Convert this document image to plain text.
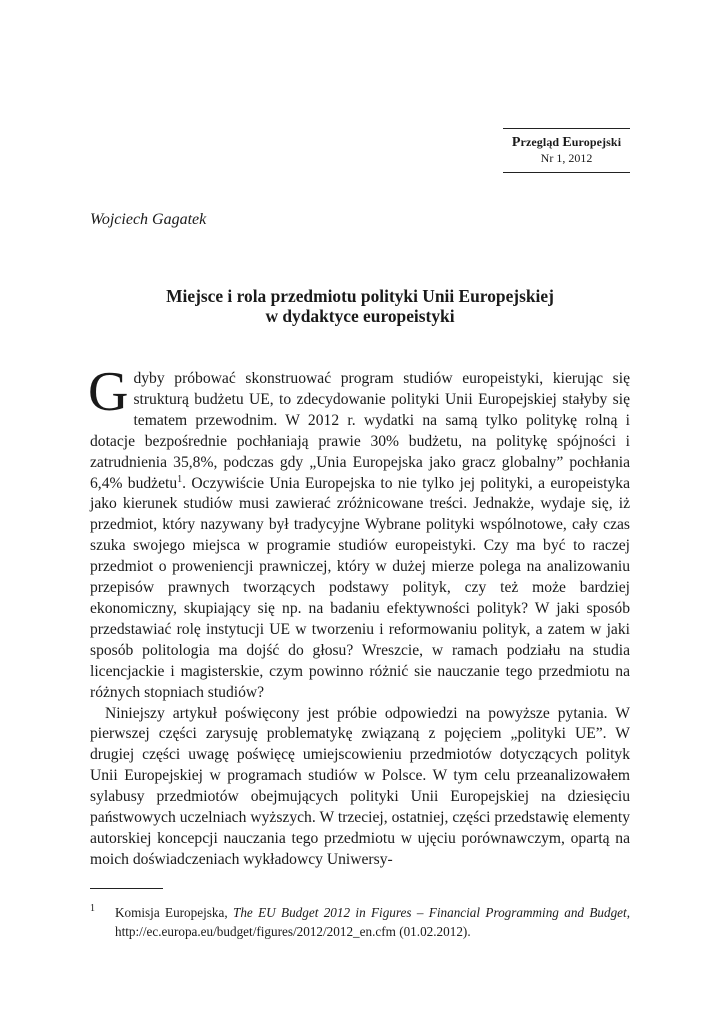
Przegląd Europejski
Nr 1, 2012
Wojciech Gagatek
Miejsce i rola przedmiotu polityki Unii Europejskiej
w dydaktyce europeistyki

Gdyby próbować skonstruować program studiów europeistyki, kierując się strukturą budżetu UE, to zdecydowanie polityki Unii Europejskiej stałyby się tematem przewodnim. W 2012 r. wydatki na samą tylko politykę rolną i dotacje bezpośrednie pochłaniają prawie 30% budżetu, na politykę spójności i zatrudnienia 35,8%, podczas gdy „Unia Europejska jako gracz globalny” pochłania 6,4% budżetu$^1$. Oczywiście Unia Europejska to nie tylko jej polityki, a europeistyka jako kierunek studiów musi zawierać zróżnicowane treści. Jednakże, wydaje się, iż przedmiot, który nazywany był tradycyjne Wybrane polityki wspólnotowe, cały czas szuka swojego miejsca w programie studiów europeistyki. Czy ma być to raczej przedmiot o proweniencji prawniczej, który w dużej mierze polega na analizowaniu przepisów prawnych tworzących podstawy polityk, czy też może bardziej ekonomiczny, skupiający się np. na badaniu efektywności polityk? W jaki sposób przedstawiać rolę instytucji UE w tworzeniu i reformowaniu polityk, a zatem w jaki sposób politologia ma dojść do głosu? Wreszcie, w ramach podziału na studia licencjackie i magisterskie, czym powinno różnić sie nauczanie tego przedmiotu na różnych stopniach studiów?

Niniejszy artykuł poświęcony jest próbie odpowiedzi na powyższe pytania. W pierwszej części zarysuję problematykę związaną z pojęciem „polityki UE”. W drugiej części uwagę poświęcę umiejscowieniu przedmiotów dotyczących polityk Unii Europejskiej w programach studiów w Polsce. W tym celu przeanalizowałem sylabusy przedmiotów obejmujących polityki Unii Europejskiej na dziesięciu państwowych uczelniach wyższych. W trzeciej, ostatniej, części przedstawię elementy autorskiej koncepcji nauczania tego przedmiotu w ujęciu porównawczym, opartą na moich doświadczeniach wykładowcy Uniwersy-

1 Komisja Europejska, The EU Budget 2012 in Figures – Financial Programming and Budget, http://ec.europa.eu/budget/figures/2012/2012_en.cfm (01.02.2012).
